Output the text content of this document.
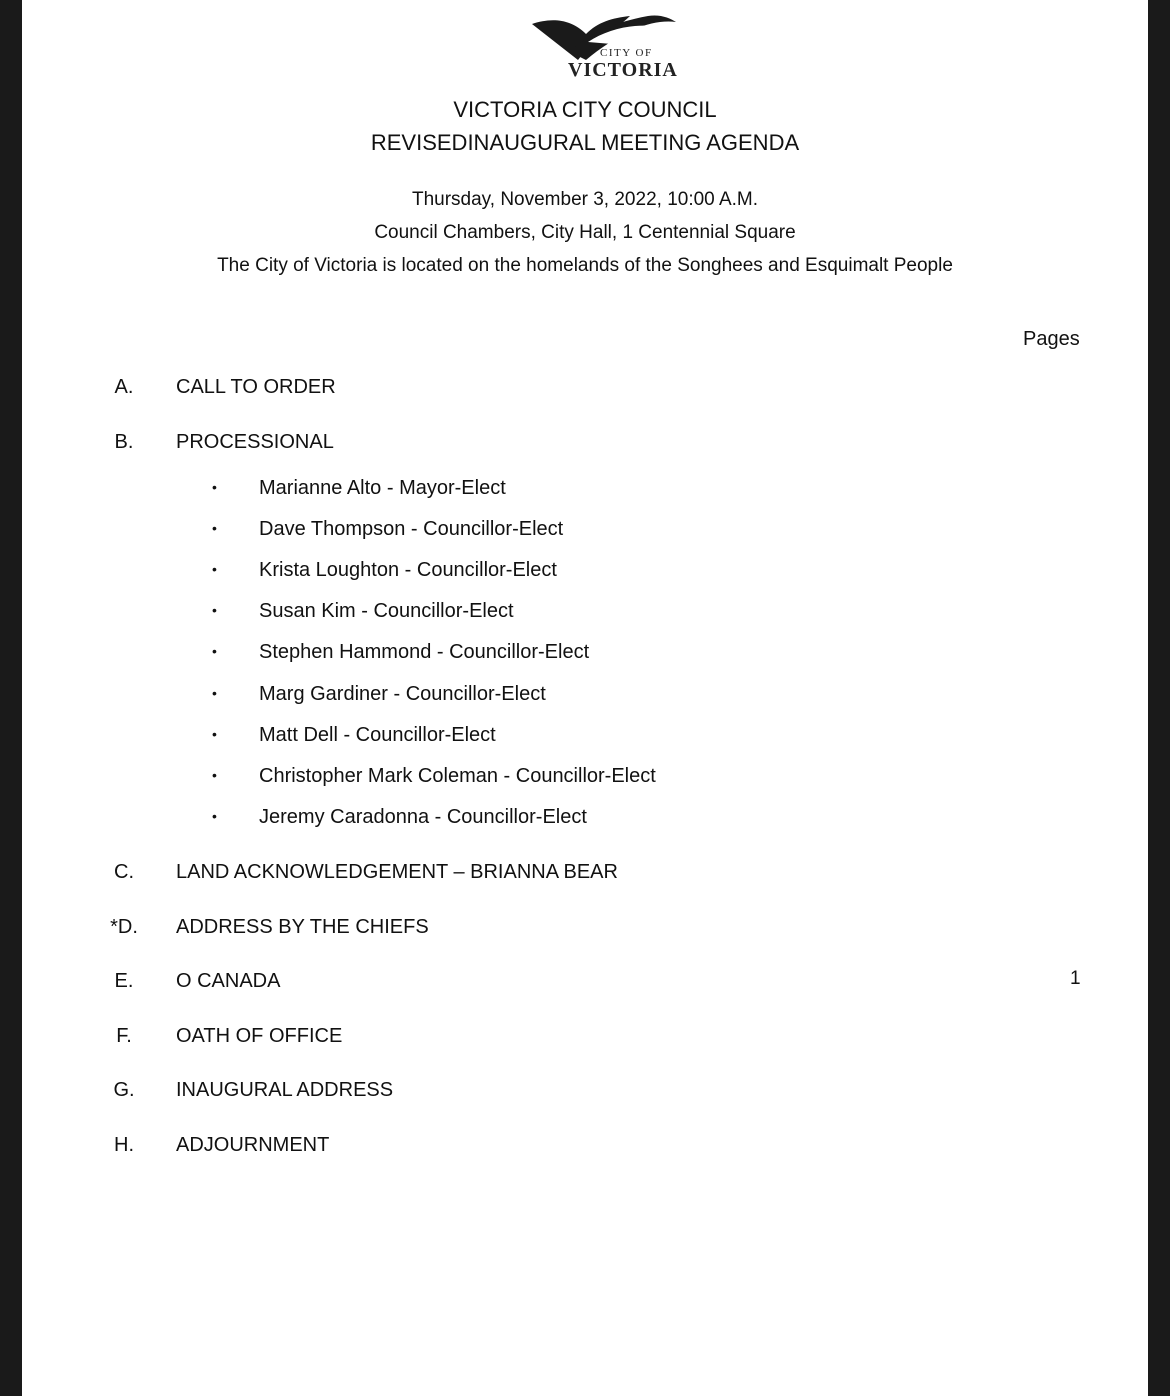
CITY OF
VICTORIA
VICTORIA CITY COUNCIL
REVISEDINAUGURAL MEETING AGENDA
Thursday, November 3, 2022, 10:00 A.M.
Council Chambers, City Hall, 1 Centennial Square
The City of Victoria is located on the homelands of the Songhees and Esquimalt People
Pages
A.	CALL TO ORDER
B.	PROCESSIONAL
• Marianne Alto - Mayor-Elect
• Dave Thompson - Councillor-Elect
• Krista Loughton - Councillor-Elect
• Susan Kim - Councillor-Elect
• Stephen Hammond - Councillor-Elect
• Marg Gardiner - Councillor-Elect
• Matt Dell - Councillor-Elect
• Christopher Mark Coleman - Councillor-Elect
• Jeremy Caradonna - Councillor-Elect
C.	LAND ACKNOWLEDGEMENT – BRIANNA BEAR
*D.	ADDRESS BY THE CHIEFS
E.	O CANADA	1
F.	OATH OF OFFICE
G.	INAUGURAL ADDRESS
H.	ADJOURNMENT
